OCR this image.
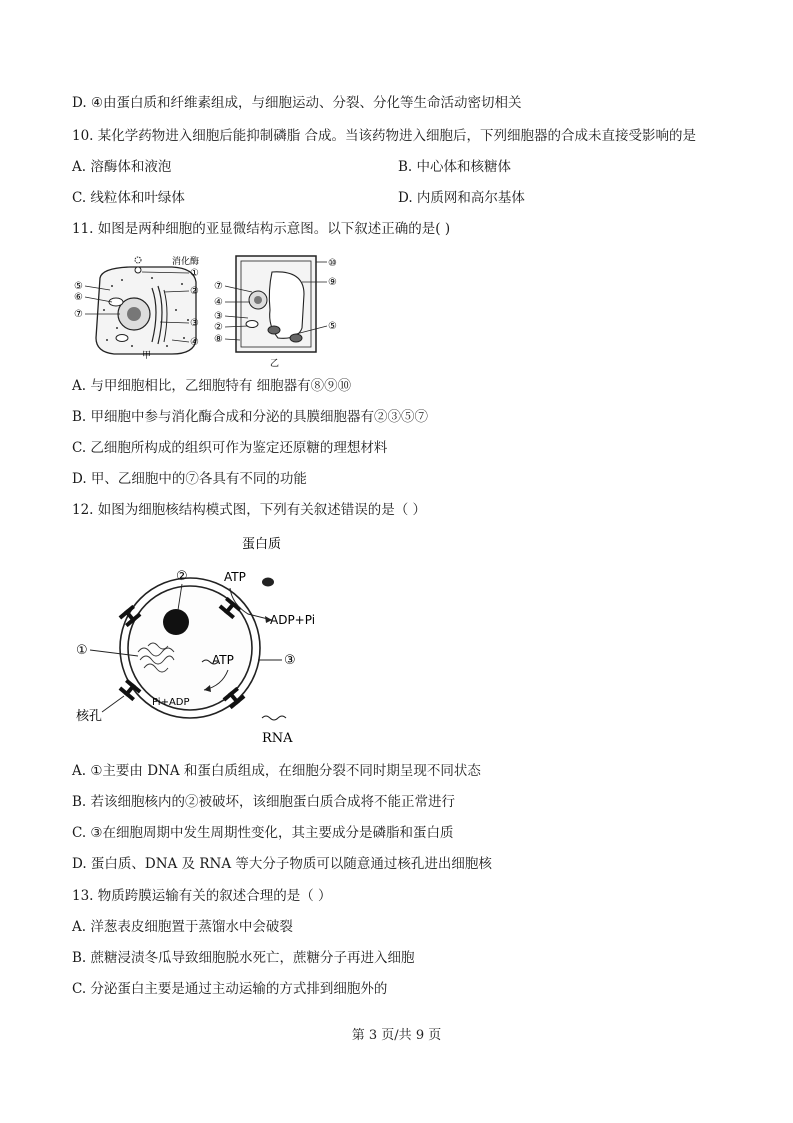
D. ④由蛋白质和纤维素组成，与细胞运动、分裂、分化等生命活动密切相关
10. 某化学药物进入细胞后能抑制磷脂 合成。当该药物进入细胞后，下列细胞器的合成未直接受影响的是
A. 溶酶体和液泡	B. 中心体和核糖体
C. 线粒体和叶绿体	D. 内质网和高尔基体
11. 如图是两种细胞的亚显微结构示意图。以下叙述正确的是( )
甲
⑤
⑥
⑦
消化酶
①
②
③
④
乙
⑦
④
③
②
⑧
⑩
⑨
⑤
A. 与甲细胞相比，乙细胞特有 细胞器有⑧⑨⑩
B. 甲细胞中参与消化酶合成和分泌的具膜细胞器有②③⑤⑦
C. 乙细胞所构成的组织可作为鉴定还原糖的理想材料
D. 甲、乙细胞中的⑦各具有不同的功能
12. 如图为细胞核结构模式图，下列有关叙述错误的是（ ）
蛋白质
ATP
ADP+Pi
ATP
Pi+ADP
RNA
②
①
③
核孔
A. ①主要由 DNA 和蛋白质组成，在细胞分裂不同时期呈现不同状态
B. 若该细胞核内的②被破坏，该细胞蛋白质合成将不能正常进行
C. ③在细胞周期中发生周期性变化，其主要成分是磷脂和蛋白质
D. 蛋白质、DNA 及 RNA 等大分子物质可以随意通过核孔进出细胞核
13. 物质跨膜运输有关的叙述合理的是（ ）
A. 洋葱表皮细胞置于蒸馏水中会破裂
B. 蔗糖浸渍冬瓜导致细胞脱水死亡，蔗糖分子再进入细胞
C. 分泌蛋白主要是通过主动运输的方式排到细胞外的
第 3 页/共 9 页
